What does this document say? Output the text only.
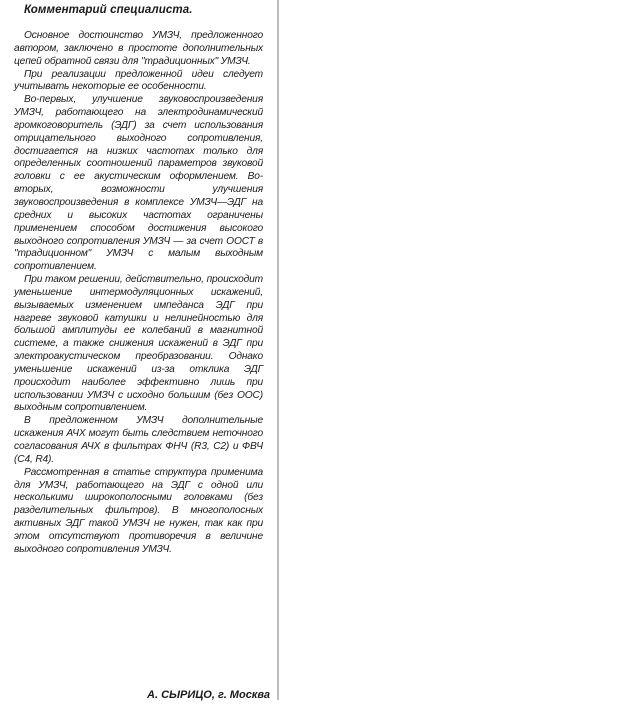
Комментарий специалиста.

Основное достоинство УМЗЧ, предложенного автором, заключено в простоте дополнительных цепей обратной связи для "традиционных" УМЗЧ.

При реализации предложенной идеи следует учитывать некоторые ее особенности.

Во-первых, улучшение звуковоспроизведения УМЗЧ, работающего на электродинамический громкоговоритель (ЭДГ) за счет использования отрицательного выходного сопротивления, достигается на низких частотах только для определенных соотношений параметров звуковой головки с ее акустическим оформлением. Во-вторых, возможности улучшения звуковоспроизведения в комплексе УМЗЧ—ЭДГ на средних и высоких частотах ограничены применением способом достижения высокого выходного сопротивления УМЗЧ — за счет ООСТ в "традиционном" УМЗЧ с малым выходным сопротивлением.

При таком решении, действительно, происходит уменьшение интермодуляционных искажений, вызываемых изменением импеданса ЭДГ при нагреве звуковой катушки и нелинейностью для большой амплитуды ее колебаний в магнитной системе, а также снижения искажений в ЭДГ при электроакустическом преобразовании. Однако уменьшение искажений из-за отклика ЭДГ происходит наиболее эффективно лишь при использовании УМЗЧ с исходно большим (без ООС) выходным сопротивлением.

В предложенном УМЗЧ дополнительные искажения АЧХ могут быть следствием неточного согласования АЧХ в фильтрах ФНЧ (R3, C2) и ФВЧ (C4, R4).

Рассмотренная в статье структура применима для УМЗЧ, работающего на ЭДГ с одной или несколькими широкополосными головками (без разделительных фильтров). В многополосных активных ЭДГ такой УМЗЧ не нужен, так как при этом отсутствуют противоречия в величине выходного сопротивления УМЗЧ.

А. СЫРИЦО, г. Москва
